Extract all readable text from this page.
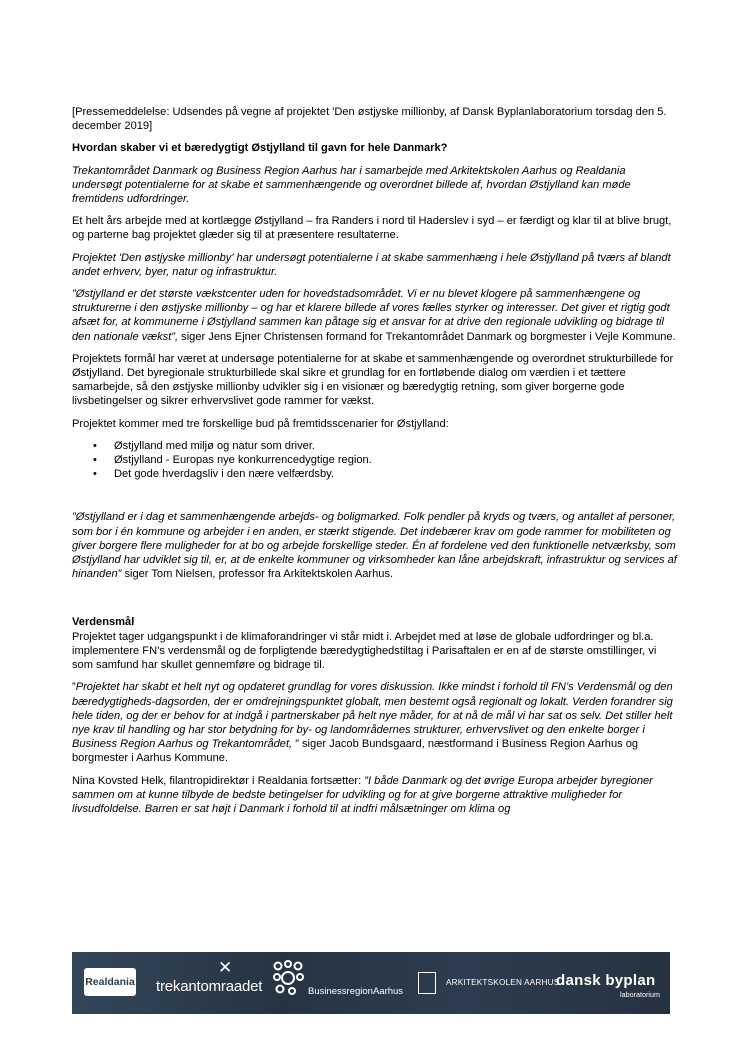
[Pressemeddelelse: Udsendes på vegne af projektet 'Den østjyske millionby, af Dansk Byplanlaboratorium torsdag den 5. december 2019]

Hvordan skaber vi et bæredygtigt Østjylland til gavn for hele Danmark?

Trekantområdet Danmark og Business Region Aarhus har i samarbejde med Arkitektskolen Aarhus og Realdania undersøgt potentialerne for at skabe et sammenhængende og overordnet billede af, hvordan Østjylland kan møde fremtidens udfordringer.

Et helt års arbejde med at kortlægge Østjylland – fra Randers i nord til Haderslev i syd – er færdigt og klar til at blive brugt, og parterne bag projektet glæder sig til at præsentere resultaterne.

Projektet 'Den østjyske millionby' har undersøgt potentialerne i at skabe sammenhæng i hele Østjylland på tværs af blandt andet erhverv, byer, natur og infrastruktur.

”Østjylland er det største vækstcenter uden for hovedstadsområdet. Vi er nu blevet klogere på sammenhængene og strukturerne i den østjyske millionby – og har et klarere billede af vores fælles styrker og interesser. Det giver et rigtig godt afsæt for, at kommunerne i Østjylland sammen kan påtage sig et ansvar for at drive den regionale udvikling og bidrage til den nationale vækst”, siger Jens Ejner Christensen formand for Trekantområdet Danmark og borgmester i Vejle Kommune.

Projektets formål har været at undersøge potentialerne for at skabe et sammenhængende og overordnet strukturbillede for Østjylland. Det byregionale strukturbillede skal sikre et grundlag for en fortløbende dialog om værdien i et tættere samarbejde, så den østjyske millionby udvikler sig i en visionær og bæredygtig retning, som giver borgerne gode livsbetingelser og sikrer erhvervslivet gode rammer for vækst.

Projektet kommer med tre forskellige bud på fremtidsscenarier for Østjylland:

• Østjylland med miljø og natur som driver.
• Østjylland - Europas nye konkurrencedygtige region.
• Det gode hverdagsliv i den nære velfærdsby.

”Østjylland er i dag et sammenhængende arbejds- og boligmarked. Folk pendler på kryds og tværs, og antallet af personer, som bor i én kommune og arbejder i en anden, er stærkt stigende. Det indebærer krav om gode rammer for mobiliteten og giver borgere flere muligheder for at bo og arbejde forskellige steder. Én af fordelene ved den funktionelle netværksby, som Østjylland har udviklet sig til, er, at de enkelte kommuner og virksomheder kan låne arbejdskraft, infrastruktur og services af hinanden” siger Tom Nielsen, professor fra Arkitektskolen Aarhus.

Verdensmål

Projektet tager udgangspunkt i de klimaforandringer vi står midt i. Arbejdet med at løse de globale udfordringer og bl.a. implementere FN’s verdensmål og de forpligtende bæredygtighedstiltag i Parisaftalen er en af de største omstillinger, vi som samfund har skullet gennemføre og bidrage til.

”Projektet har skabt et helt nyt og opdateret grundlag for vores diskussion. Ikke mindst i forhold til FN’s Verdensmål og den bæredygtigheds-dagsorden, der er omdrejningspunktet globalt, men bestemt også regionalt og lokalt. Verden forandrer sig hele tiden, og der er behov for at indgå i partnerskaber på helt nye måder, for at nå de mål vi har sat os selv. Det stiller helt nye krav til handling og har stor betydning for by- og landområdernes strukturer, erhvervslivet og den enkelte borger i Business Region Aarhus og Trekantområdet, ” siger Jacob Bundsgaard, næstformand i Business Region Aarhus og borgmester i Aarhus Kommune.

Nina Kovsted Helk, filantropidirektør i Realdania fortsætter: ”I både Danmark og det øvrige Europa arbejder byregioner sammen om at kunne tilbyde de bedste betingelser for udvikling og for at give borgerne attraktive muligheder for livsudfoldelse. Barren er sat højt i Danmark i forhold til at indfri målsætninger om klima og

Realdania
✕
trekantomraadet	BusinessregionAarhus
ARKITEKTSKOLEN AARHUS
dansk byplan
laboratorium
